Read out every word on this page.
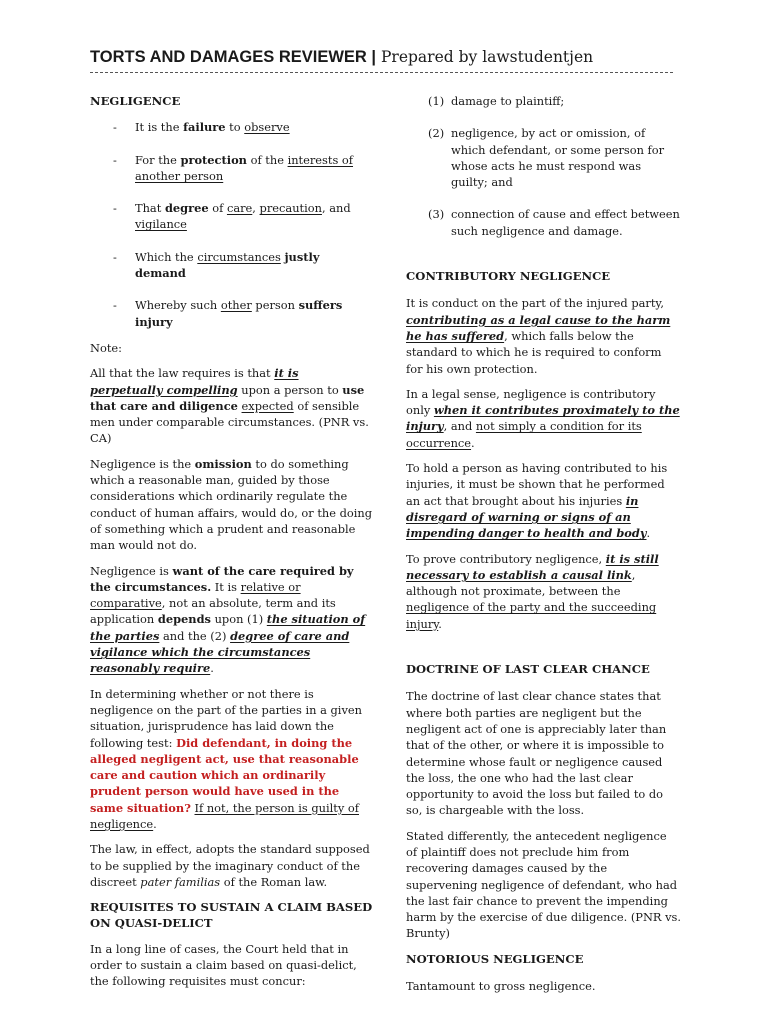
TORTS AND DAMAGES REVIEWER | Prepared by lawstudentjen

NEGLIGENCE

- It is the failure to observe
- For the protection of the interests of another person
- That degree of care, precaution, and vigilance
- Which the circumstances justly demand
- Whereby such other person suffers injury

Note:

All that the law requires is that it is perpetually compelling upon a person to use that care and diligence expected of sensible men under comparable circumstances. (PNR vs. CA)

Negligence is the omission to do something which a reasonable man, guided by those considerations which ordinarily regulate the conduct of human affairs, would do, or the doing of something which a prudent and reasonable man would not do.

Negligence is want of the care required by the circumstances. It is relative or comparative, not an absolute, term and its application depends upon (1) the situation of the parties and the (2) degree of care and vigilance which the circumstances reasonably require.

In determining whether or not there is negligence on the part of the parties in a given situation, jurisprudence has laid down the following test: Did defendant, in doing the alleged negligent act, use that reasonable care and caution which an ordinarily prudent person would have used in the same situation? If not, the person is guilty of negligence.

The law, in effect, adopts the standard supposed to be supplied by the imaginary conduct of the discreet pater familias of the Roman law.

REQUISITES TO SUSTAIN A CLAIM BASED ON QUASI-DELICT

In a long line of cases, the Court held that in order to sustain a claim based on quasi-delict, the following requisites must concur:

(1) damage to plaintiff;
(2) negligence, by act or omission, of which defendant, or some person for whose acts he must respond was guilty; and
(3) connection of cause and effect between such negligence and damage.

CONTRIBUTORY NEGLIGENCE

It is conduct on the part of the injured party, contributing as a legal cause to the harm he has suffered, which falls below the standard to which he is required to conform for his own protection.

In a legal sense, negligence is contributory only when it contributes proximately to the injury, and not simply a condition for its occurrence.

To hold a person as having contributed to his injuries, it must be shown that he performed an act that brought about his injuries in disregard of warning or signs of an impending danger to health and body.

To prove contributory negligence, it is still necessary to establish a causal link, although not proximate, between the negligence of the party and the succeeding injury.

DOCTRINE OF LAST CLEAR CHANCE

The doctrine of last clear chance states that where both parties are negligent but the negligent act of one is appreciably later than that of the other, or where it is impossible to determine whose fault or negligence caused the loss, the one who had the last clear opportunity to avoid the loss but failed to do so, is chargeable with the loss.

Stated differently, the antecedent negligence of plaintiff does not preclude him from recovering damages caused by the supervening negligence of defendant, who had the last fair chance to prevent the impending harm by the exercise of due diligence. (PNR vs. Brunty)

NOTORIOUS NEGLIGENCE

Tantamount to gross negligence.
